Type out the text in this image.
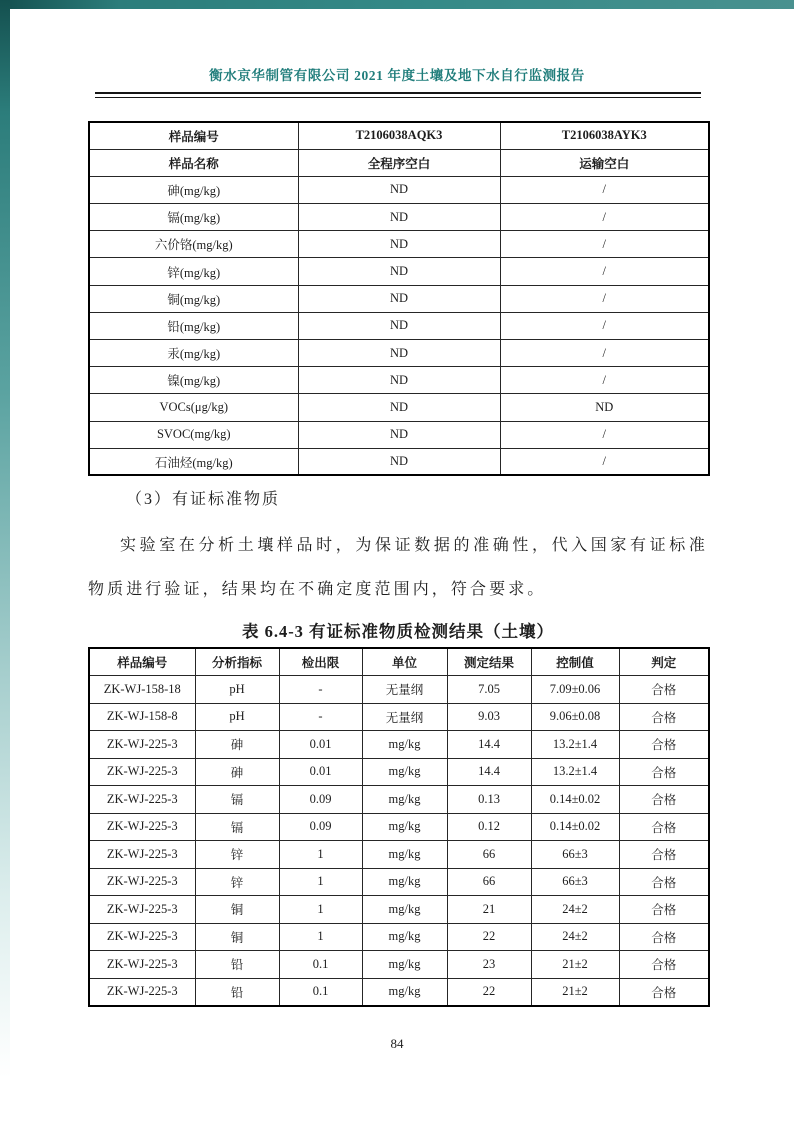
衡水京华制管有限公司 2021 年度土壤及地下水自行监测报告
样品编号	T2106038AQK3	T2106038AYK3
样品名称	全程序空白	运输空白
砷(mg/kg)	ND	/
镉(mg/kg)	ND	/
六价铬(mg/kg)	ND	/
锌(mg/kg)	ND	/
铜(mg/kg)	ND	/
铅(mg/kg)	ND	/
汞(mg/kg)	ND	/
镍(mg/kg)	ND	/
VOCs(μg/kg)	ND	ND
SVOC(mg/kg)	ND	/
石油烃(mg/kg)	ND	/
（3）有证标准物质

实验室在分析土壤样品时，为保证数据的准确性，代入国家有证标准物质进行验证，结果均在不确定度范围内，符合要求。

表 6.4-3 有证标准物质检测结果（土壤）
样品编号	分析指标	检出限	单位	测定结果	控制值	判定
ZK-WJ-158-18	pH	-	无量纲	7.05	7.09±0.06	合格
ZK-WJ-158-8	pH	-	无量纲	9.03	9.06±0.08	合格
ZK-WJ-225-3	砷	0.01	mg/kg	14.4	13.2±1.4	合格
ZK-WJ-225-3	砷	0.01	mg/kg	14.4	13.2±1.4	合格
ZK-WJ-225-3	镉	0.09	mg/kg	0.13	0.14±0.02	合格
ZK-WJ-225-3	镉	0.09	mg/kg	0.12	0.14±0.02	合格
ZK-WJ-225-3	锌	1	mg/kg	66	66±3	合格
ZK-WJ-225-3	锌	1	mg/kg	66	66±3	合格
ZK-WJ-225-3	铜	1	mg/kg	21	24±2	合格
ZK-WJ-225-3	铜	1	mg/kg	22	24±2	合格
ZK-WJ-225-3	铅	0.1	mg/kg	23	21±2	合格
ZK-WJ-225-3	铅	0.1	mg/kg	22	21±2	合格
84
